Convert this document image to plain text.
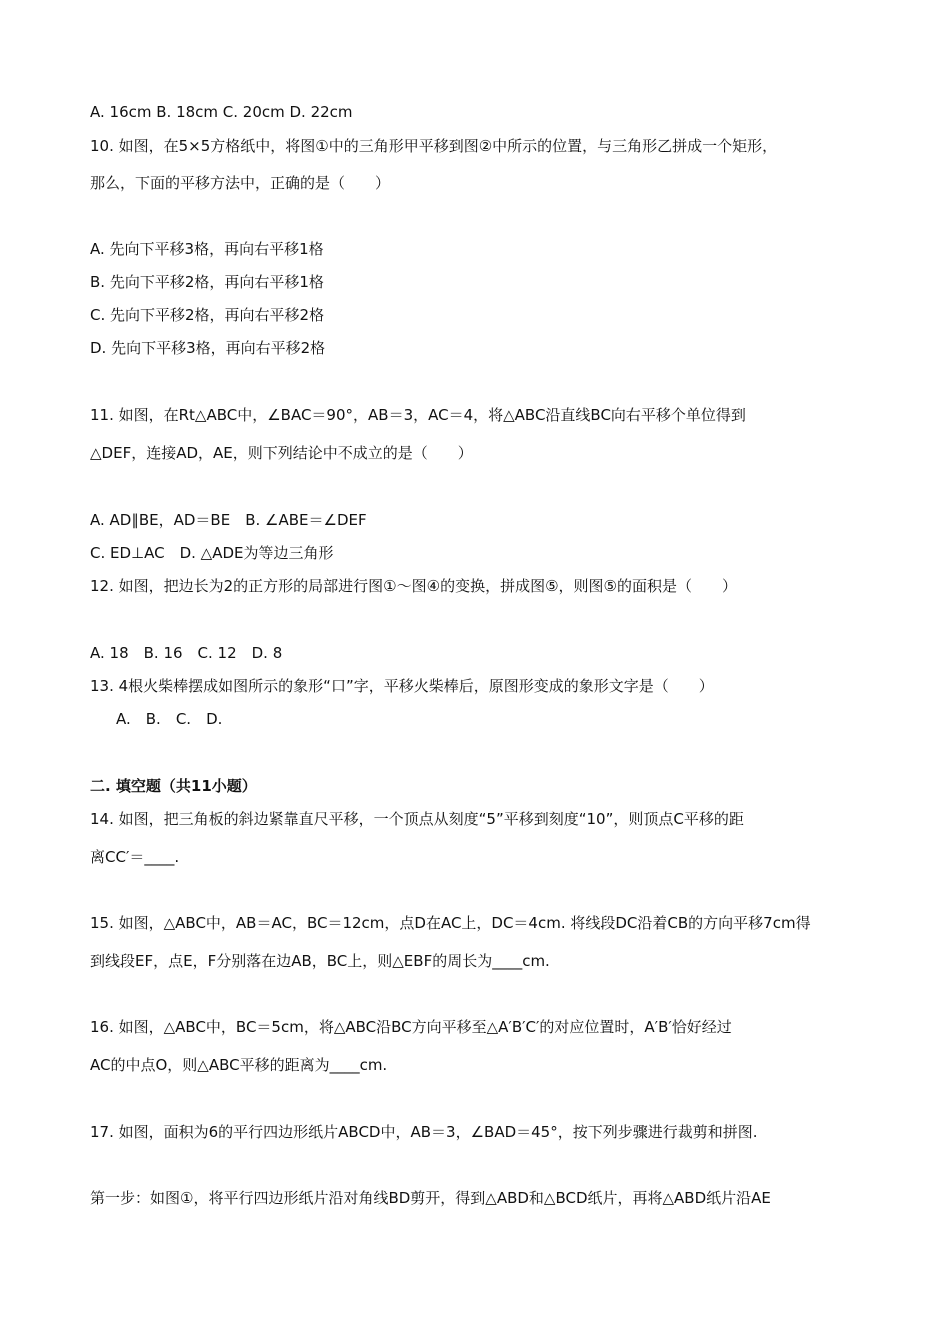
A. 16cm B. 18cm C. 20cm D. 22cm
10. 如图，在5×5方格纸中，将图①中的三角形甲平移到图②中所示的位置，与三角形乙拼成一个矩形，
那么，下面的平移方法中，正确的是（　　）
A. 先向下平移3格，再向右平移1格
B. 先向下平移2格，再向右平移1格
C. 先向下平移2格，再向右平移2格
D. 先向下平移3格，再向右平移2格
11. 如图，在Rt△ABC中，∠BAC＝90°，AB＝3，AC＝4，将△ABC沿直线BC向右平移个单位得到
△DEF，连接AD，AE，则下列结论中不成立的是（　　）
A. AD∥BE，AD＝BE　B. ∠ABE＝∠DEF
C. ED⊥AC　D. △ADE为等边三角形
12. 如图，把边长为2的正方形的局部进行图①～图④的变换，拼成图⑤，则图⑤的面积是（　　）
A. 18　B. 16　C. 12　D. 8
13. 4根火柴棒摆成如图所示的象形“口”字，平移火柴棒后，原图形变成的象形文字是（　　）
A.　B.　C.　D.
二. 填空题（共11小题）
14. 如图，把三角板的斜边紧靠直尺平移，一个顶点从刻度“5”平移到刻度“10”，则顶点C平移的距
离CC′＝____.
15. 如图，△ABC中，AB＝AC，BC＝12cm，点D在AC上，DC＝4cm. 将线段DC沿着CB的方向平移7cm得
到线段EF，点E，F分别落在边AB，BC上，则△EBF的周长为____cm.
16. 如图，△ABC中，BC＝5cm，将△ABC沿BC方向平移至△A′B′C′的对应位置时，A′B′恰好经过
AC的中点O，则△ABC平移的距离为____cm.
17. 如图，面积为6的平行四边形纸片ABCD中，AB＝3，∠BAD＝45°，按下列步骤进行裁剪和拼图.
第一步：如图①，将平行四边形纸片沿对角线BD剪开，得到△ABD和△BCD纸片，再将△ABD纸片沿AE
